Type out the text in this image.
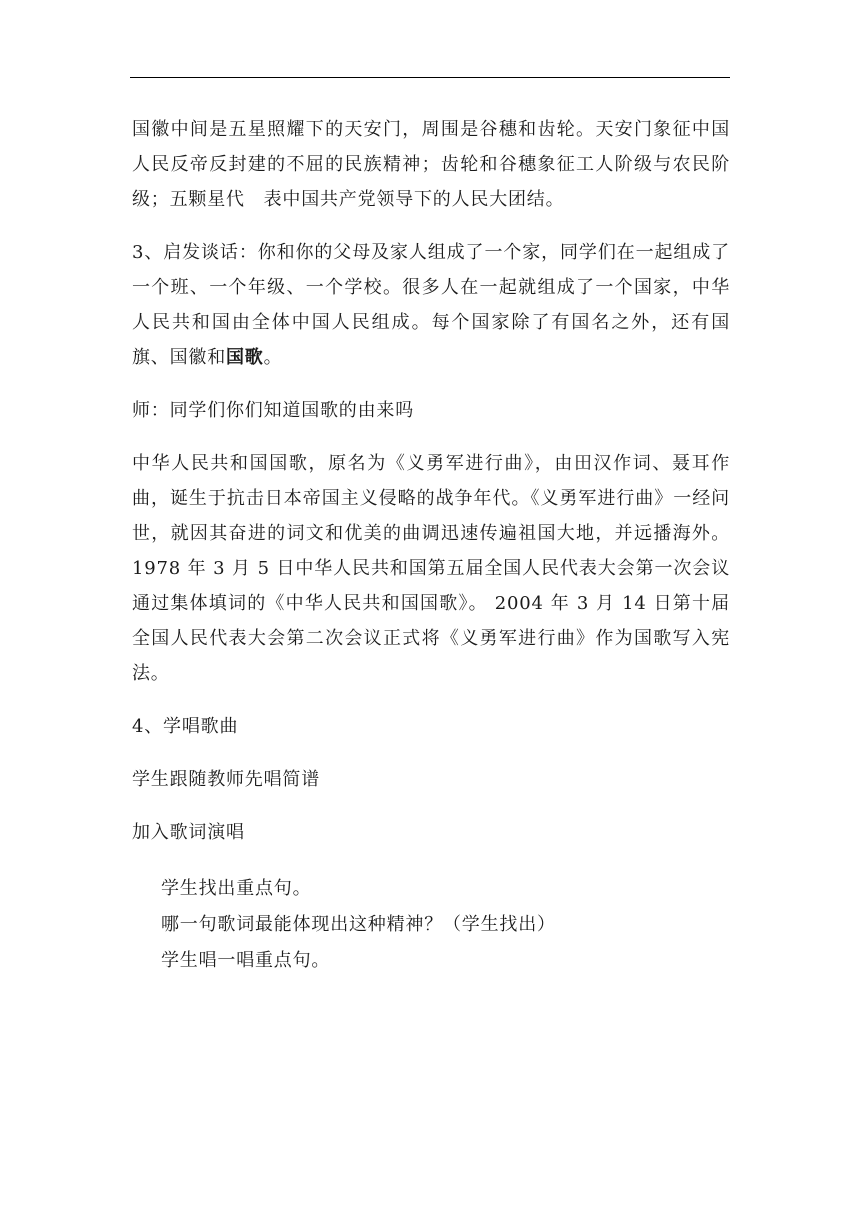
国徽中间是五星照耀下的天安门，周围是谷穗和齿轮。天安门象征中国人民反帝反封建的不屈的民族精神；齿轮和谷穗象征工人阶级与农民阶级；五颗星代　表中国共产党领导下的人民大团结。

3、启发谈话：你和你的父母及家人组成了一个家，同学们在一起组成了一个班、一个年级、一个学校。很多人在一起就组成了一个国家，中华人民共和国由全体中国人民组成。每个国家除了有国名之外，还有国旗、国徽和国歌。

师：同学们你们知道国歌的由来吗

中华人民共和国国歌，原名为《义勇军进行曲》，由田汉作词、聂耳作曲，诞生于抗击日本帝国主义侵略的战争年代。《义勇军进行曲》一经问世，就因其奋进的词文和优美的曲调迅速传遍祖国大地，并远播海外。1978 年 3 月 5 日中华人民共和国第五届全国人民代表大会第一次会议通过集体填词的《中华人民共和国国歌》。 2004 年 3 月 14 日第十届全国人民代表大会第二次会议正式将《义勇军进行曲》作为国歌写入宪法。

4、学唱歌曲

学生跟随教师先唱简谱

加入歌词演唱

学生找出重点句。

哪一句歌词最能体现出这种精神？（学生找出）

学生唱一唱重点句。
